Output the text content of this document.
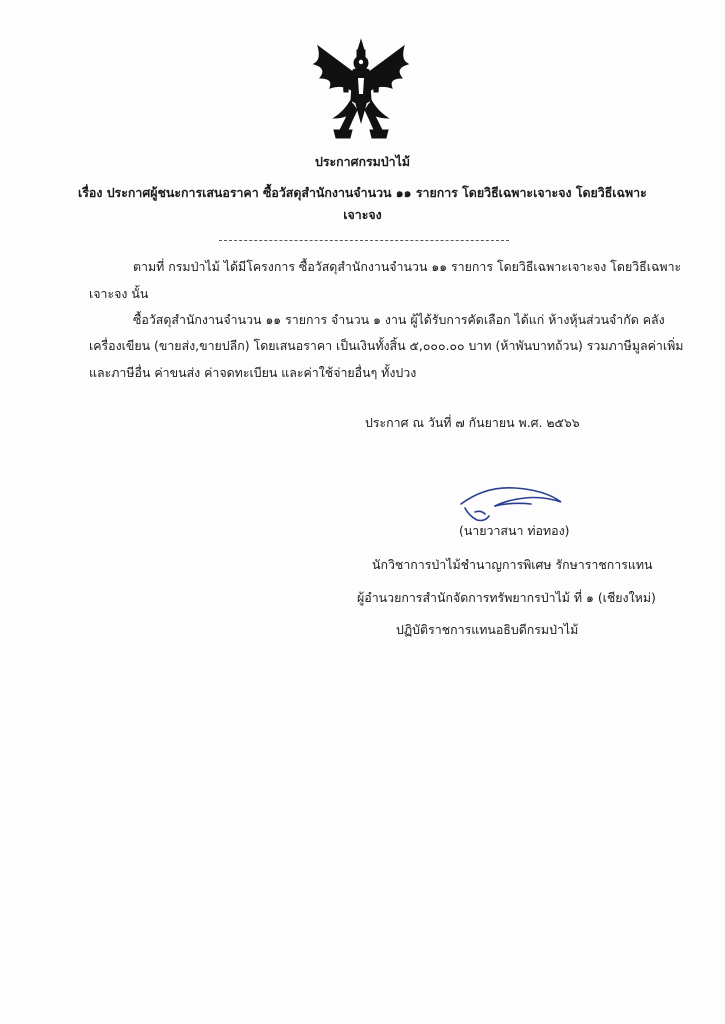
ประกาศกรมป่าไม้
เรื่อง ประกาศผู้ชนะการเสนอราคา ซื้อวัสดุสำนักงานจำนวน ๑๑ รายการ โดยวิธีเฉพาะเจาะจง โดยวิธีเฉพาะ
เจาะจง
ตามที่ กรมป่าไม้ ได้มีโครงการ ซื้อวัสดุสำนักงานจำนวน ๑๑ รายการ โดยวิธีเฉพาะเจาะจง โดยวิธีเฉพาะ
เจาะจง นั้น
ซื้อวัสดุสำนักงานจำนวน ๑๑ รายการ จำนวน ๑ งาน ผู้ได้รับการคัดเลือก ได้แก่ ห้างหุ้นส่วนจำกัด คลัง
เครื่องเขียน (ขายส่ง,ขายปลีก) โดยเสนอราคา เป็นเงินทั้งสิ้น ๕,๐๐๐.๐๐ บาท (ห้าพันบาทถ้วน) รวมภาษีมูลค่าเพิ่ม
และภาษีอื่น ค่าขนส่ง ค่าจดทะเบียน และค่าใช้จ่ายอื่นๆ ทั้งปวง
ประกาศ ณ วันที่ ๗ กันยายน พ.ศ. ๒๕๖๖
(นายวาสนา ท่อทอง)
นักวิชาการป่าไม้ชำนาญการพิเศษ รักษาราชการแทน
ผู้อำนวยการสำนักจัดการทรัพยากรป่าไม้ ที่ ๑ (เชียงใหม่)
ปฏิบัติราชการแทนอธิบดีกรมป่าไม้
